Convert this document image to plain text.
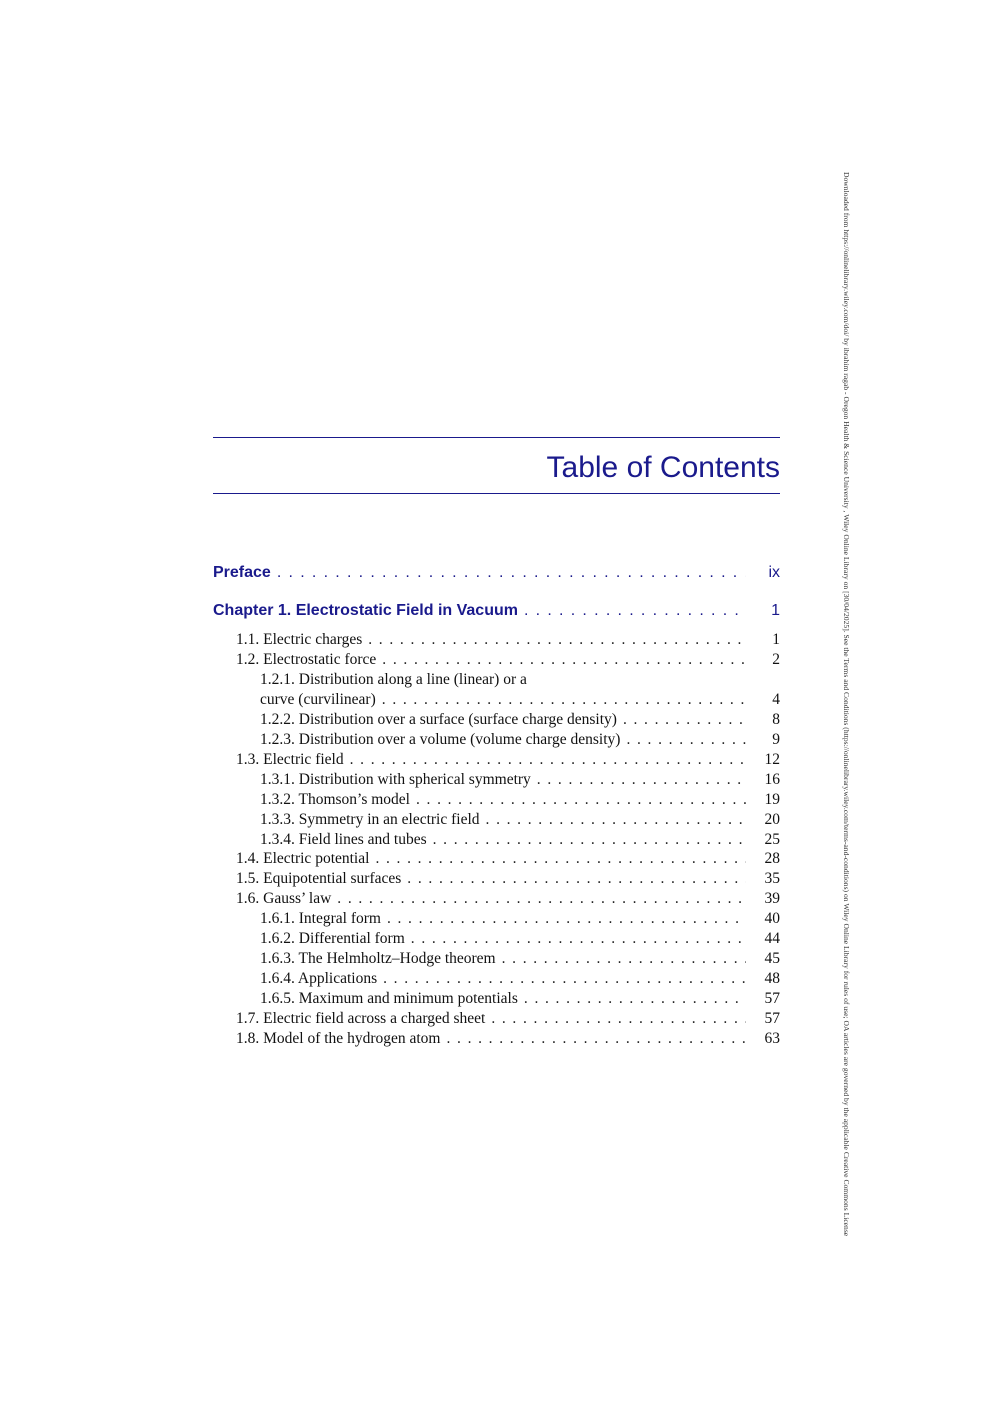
Downloaded from https://onlinelibrary.wiley.com/doi/ by ibrahim ragab - Oregon Health & Science University , Wiley Online Library on [30/04/2025]. See the Terms and Conditions (https://onlinelibrary.wiley.com/terms-and-conditions) on Wiley Online Library for rules of use; OA articles are governed by the applicable Creative Commons License
Table of Contents
Preface . . .	ix
Chapter 1. Electrostatic Field in Vacuum . . .	1
1.1. Electric charges . . .	1
1.2. Electrostatic force . . .	2
1.2.1. Distribution along a line (linear) or a
curve (curvilinear) . . .	4
1.2.2. Distribution over a surface (surface charge density) . . .	8
1.2.3. Distribution over a volume (volume charge density) . . .	9
1.3. Electric field . . .	12
1.3.1. Distribution with spherical symmetry . . .	16
1.3.2. Thomson’s model . . .	19
1.3.3. Symmetry in an electric field . . .	20
1.3.4. Field lines and tubes . . .	25
1.4. Electric potential . . .	28
1.5. Equipotential surfaces . . .	35
1.6. Gauss’ law . . .	39
1.6.1. Integral form . . .	40
1.6.2. Differential form . . .	44
1.6.3. The Helmholtz–Hodge theorem . . .	45
1.6.4. Applications . . .	48
1.6.5. Maximum and minimum potentials . . .	57
1.7. Electric field across a charged sheet . . .	57
1.8. Model of the hydrogen atom . . .	63
